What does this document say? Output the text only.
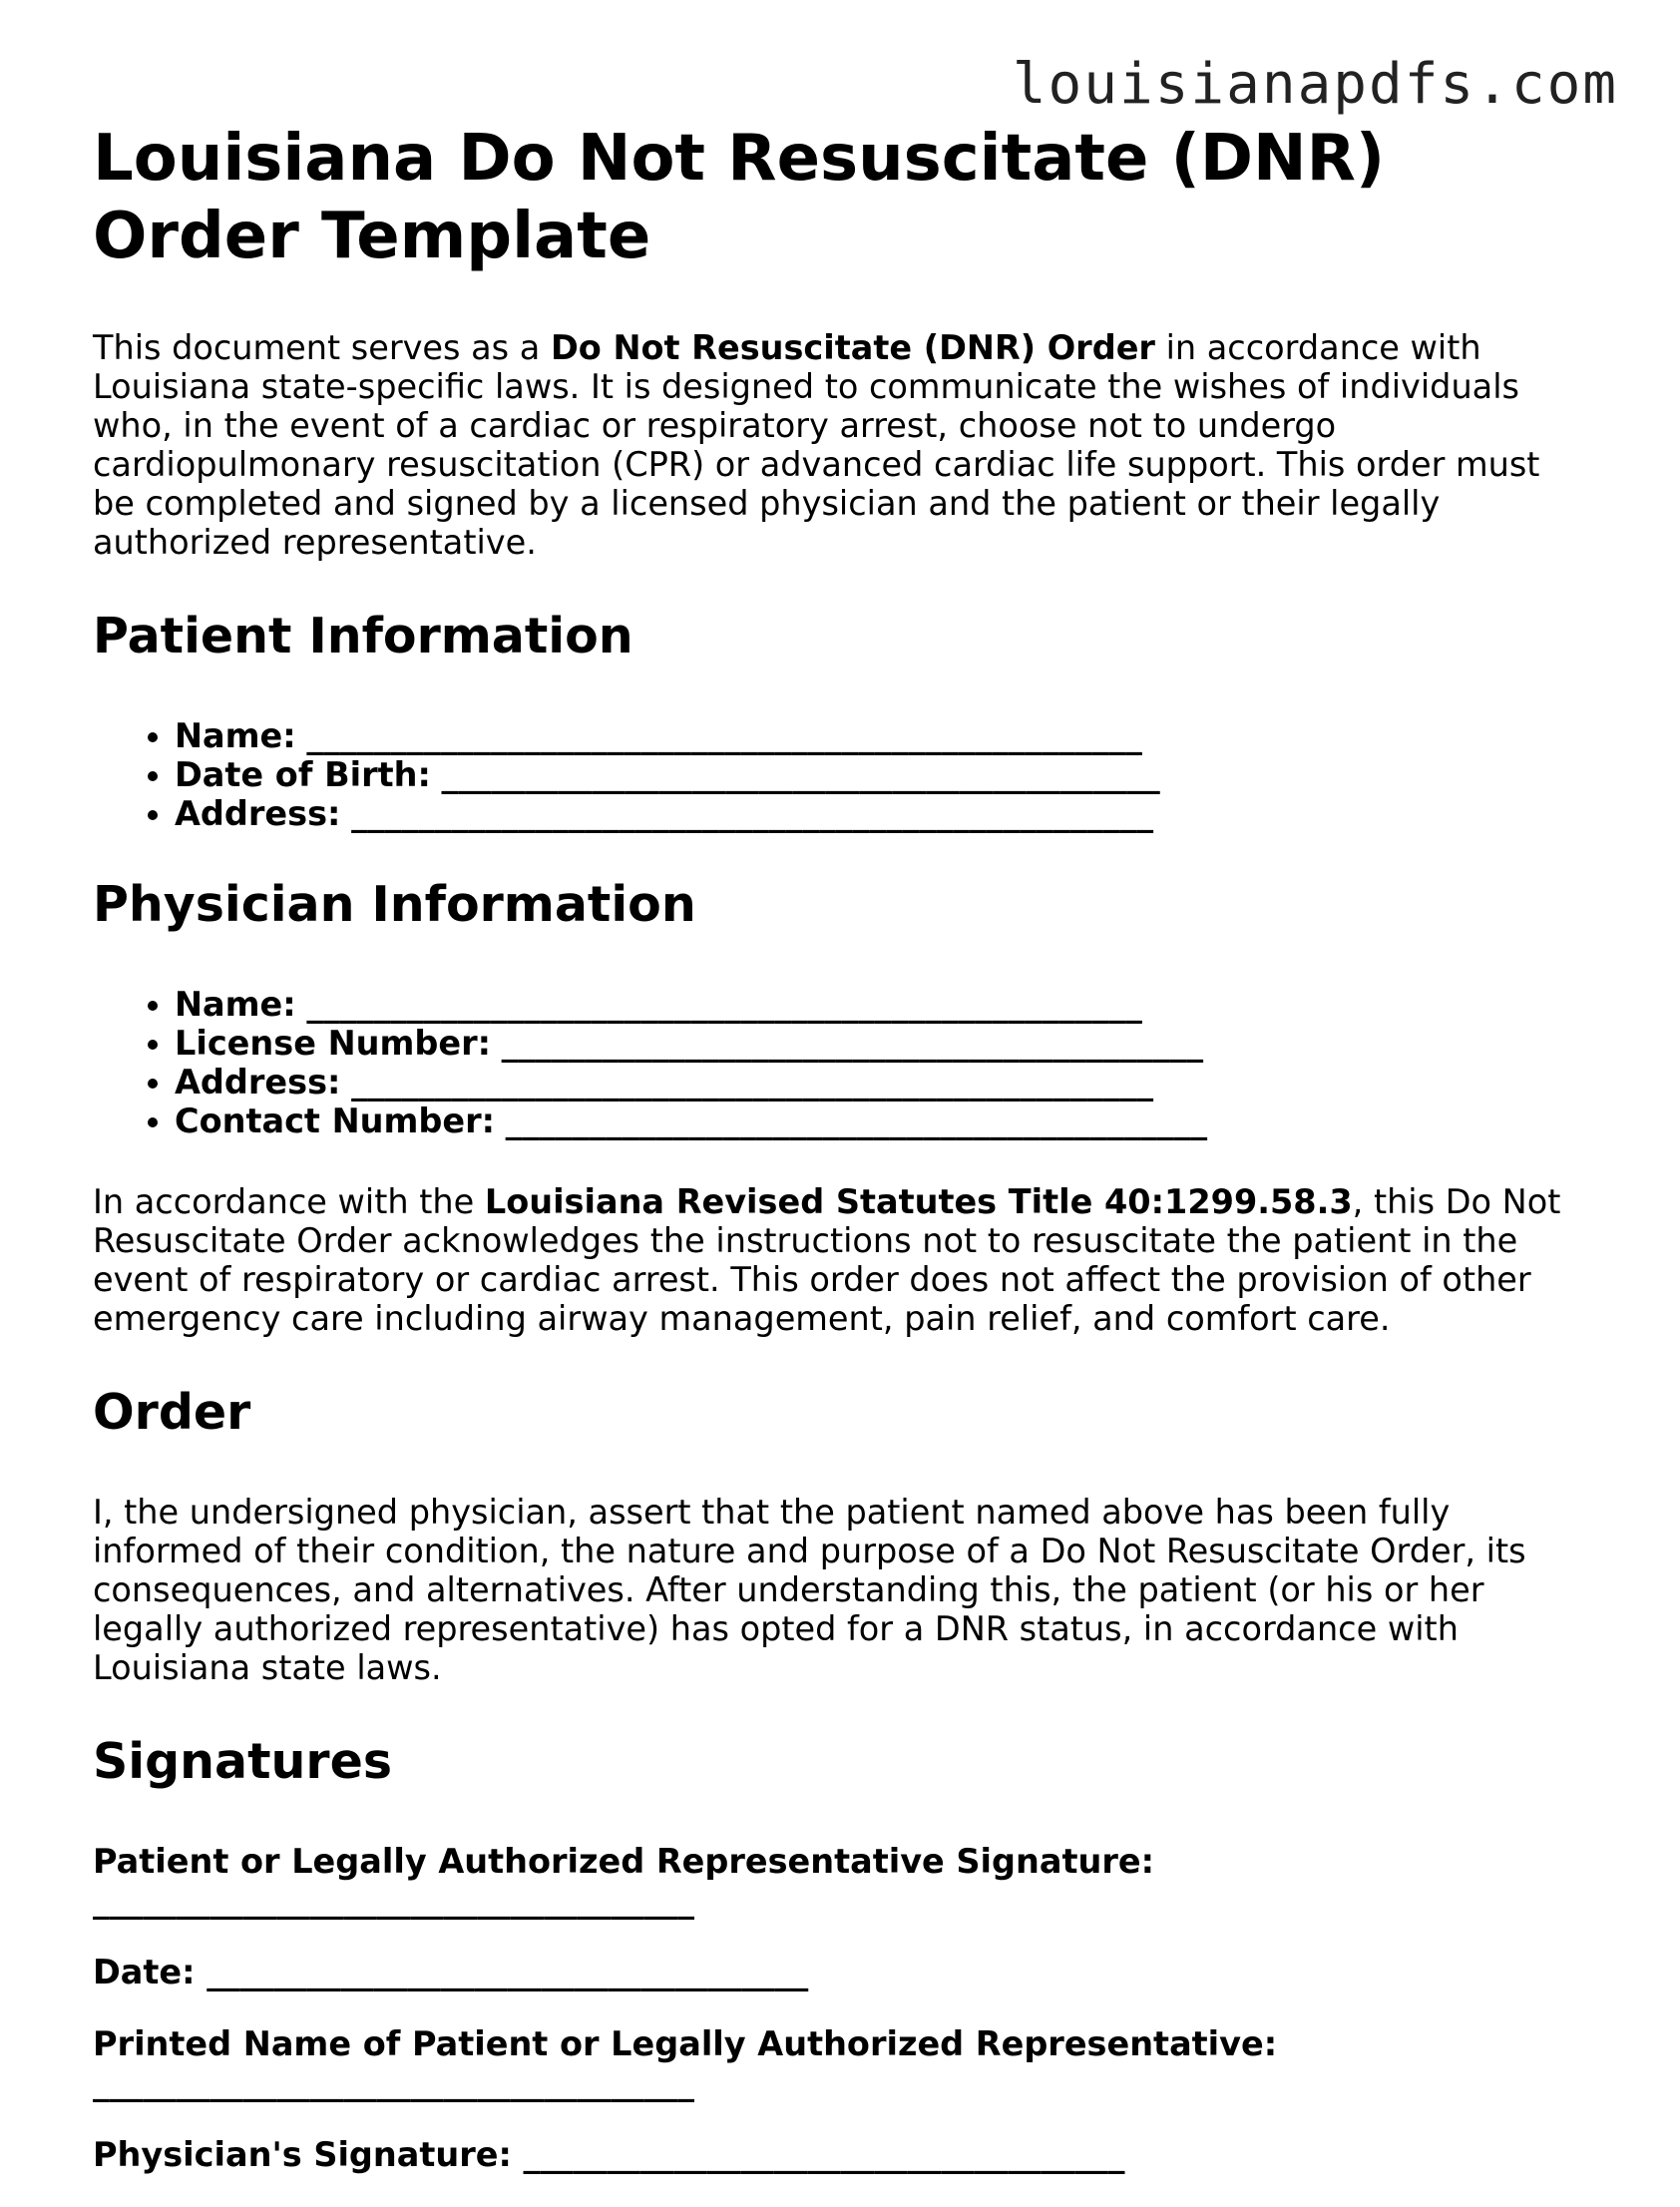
louisianapdfs.com
Louisiana Do Not Resuscitate (DNR)
Order Template

This document serves as a Do Not Resuscitate (DNR) Order in accordance with Louisiana state-specific laws. It is designed to communicate the wishes of individuals who, in the event of a cardiac or respiratory arrest, choose not to undergo cardiopulmonary resuscitation (CPR) or advanced cardiac life support. This order must be completed and signed by a licensed physician and the patient or their legally authorized representative.

Patient Information
• Name: __________________________________________________
• Date of Birth: ___________________________________________
• Address: ________________________________________________
Physician Information
• Name: __________________________________________________
• License Number: __________________________________________
• Address: ________________________________________________
• Contact Number: __________________________________________

In accordance with the Louisiana Revised Statutes Title 40:1299.58.3, this Do Not Resuscitate Order acknowledges the instructions not to resuscitate the patient in the event of respiratory or cardiac arrest. This order does not affect the provision of other emergency care including airway management, pain relief, and comfort care.

Order

I, the undersigned physician, assert that the patient named above has been fully informed of their condition, the nature and purpose of a Do Not Resuscitate Order, its consequences, and alternatives. After understanding this, the patient (or his or her legally authorized representative) has opted for a DNR status, in accordance with Louisiana state laws.

Signatures
Patient or Legally Authorized Representative Signature:
____________________________________
Date: ____________________________________
Printed Name of Patient or Legally Authorized Representative:
____________________________________
Physician's Signature: ____________________________________
